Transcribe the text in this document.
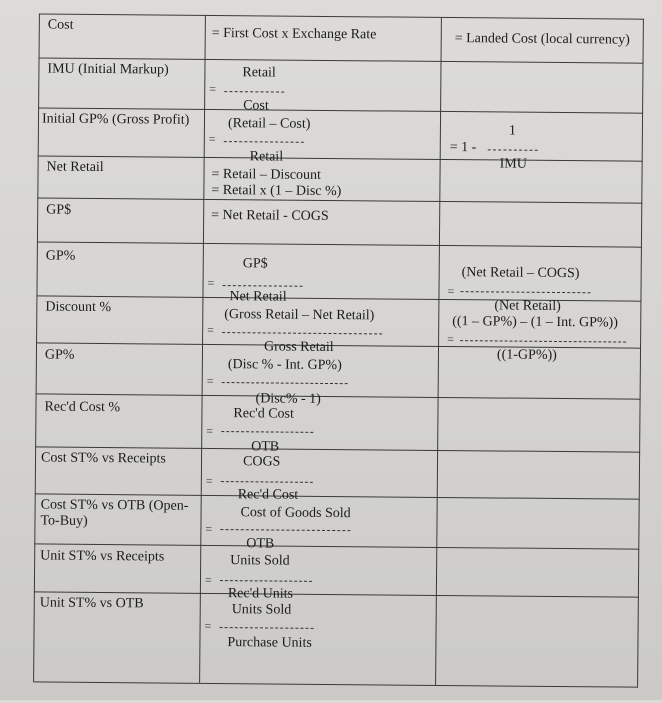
Cost
IMU (Initial Markup)
Initial GP% (Gross Profit)
Net Retail
GP$
GP%
Discount %
GP%
Rec'd Cost %
Cost ST% vs Receipts
Cost ST% vs OTB (Open-
To-Buy)
Unit ST% vs Receipts
Unit ST% vs OTB
= First Cost x Exchange Rate
Retail
=
Cost
(Retail – Cost)
=
Retail
= Retail – Discount
= Retail x (1 – Disc %)
= Net Retail - COGS
GP$
=
Net Retail
(Gross Retail – Net Retail)
=
Gross Retail
(Disc % - Int. GP%)
=
(Disc% - 1)
Rec'd Cost
=
OTB
COGS
=
Rec'd Cost
Cost of Goods Sold
=
OTB
Units Sold
=
Rec'd Units
Units Sold
=
Purchase Units
= Landed Cost (local currency)
1
= 1 -
IMU
(Net Retail – COGS)
=
(Net Retail)
((1 – GP%) – (1 – Int. GP%))
=
((1-GP%))
